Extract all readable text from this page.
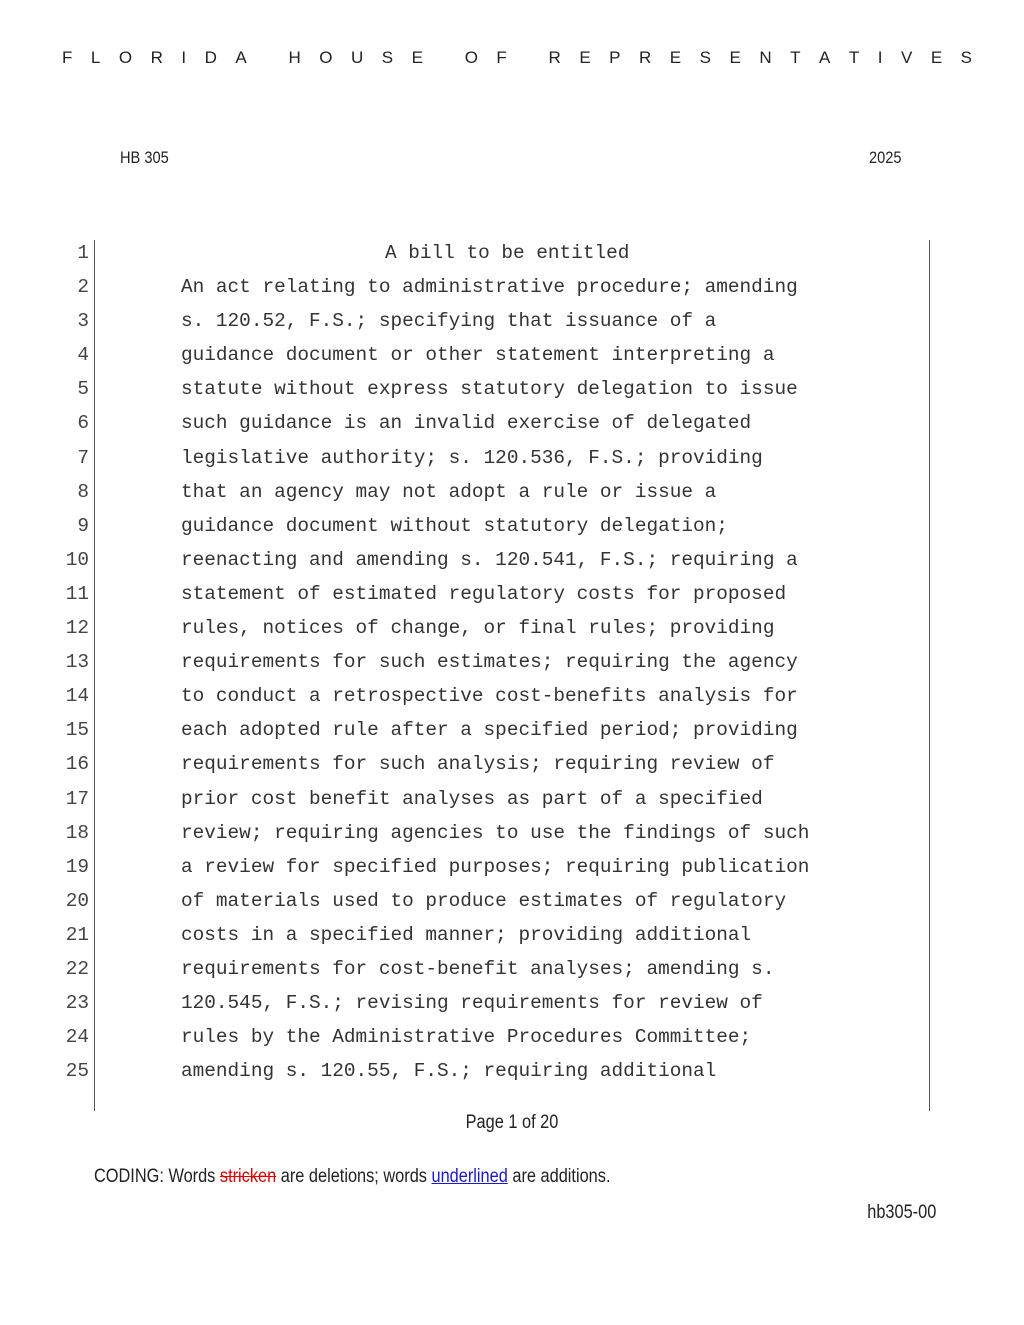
F L O R I D A
H O U S E
O F
R E P R E S E N T A T I V E S
HB 305	2025
1	A bill to be entitled
2	An act relating to administrative procedure; amending
3	s. 120.52, F.S.; specifying that issuance of a
4	guidance document or other statement interpreting a
5	statute without express statutory delegation to issue
6	such guidance is an invalid exercise of delegated
7	legislative authority; s. 120.536, F.S.; providing
8	that an agency may not adopt a rule or issue a
9	guidance document without statutory delegation;
10	reenacting and amending s. 120.541, F.S.; requiring a
11	statement of estimated regulatory costs for proposed
12	rules, notices of change, or final rules; providing
13	requirements for such estimates; requiring the agency
14	to conduct a retrospective cost-benefits analysis for
15	each adopted rule after a specified period; providing
16	requirements for such analysis; requiring review of
17	prior cost benefit analyses as part of a specified
18	review; requiring agencies to use the findings of such
19	a review for specified purposes; requiring publication
20	of materials used to produce estimates of regulatory
21	costs in a specified manner; providing additional
22	requirements for cost-benefit analyses; amending s.
23	120.545, F.S.; revising requirements for review of
24	rules by the Administrative Procedures Committee;
25	amending s. 120.55, F.S.; requiring additional
Page 1 of 20
CODING: Words stricken are deletions; words underlined are additions.
hb305-00
